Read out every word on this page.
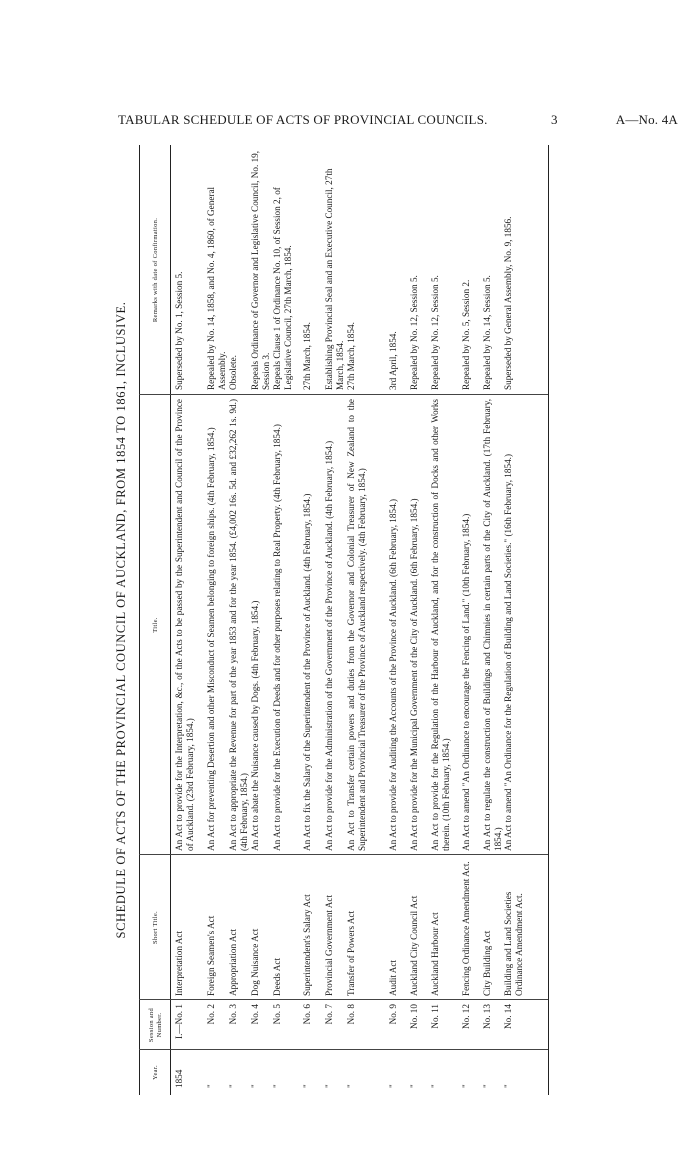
TABULAR SCHEDULE OF ACTS OF PROVINCIAL COUNCILS.	3	A—No. 4A
SCHEDULE OF ACTS OF THE PROVINCIAL COUNCIL OF AUCKLAND, FROM 1854 TO 1861, INCLUSIVE.
Year.
Session and Number.
Short Title.
Title.
Remarks with date of Confirmation.
1854
I.—No. 1
Interpretation Act
An Act to provide for the Interpretation, &c., of the Acts to be passed by the Superintendent and Council of the Province of Auckland. (23rd February, 1854.)
Superseded by No. 1, Session 5.
"
No. 2
Foreign Seamen's Act
An Act for preventing Desertion and other Misconduct of Seamen belonging to foreign ships. (4th February, 1854.)
Repealed by No. 14, 1858, and No. 4, 1860, of General Assembly.
"
No. 3
Appropriation Act
An Act to appropriate the Revenue for part of the year 1853 and for the year 1854. (£4,002 16s. 5d. and £32,262 1s. 9d.) (4th February, 1854.)
Obsolete.
"
No. 4
Dog Nuisance Act
An Act to abate the Nuisance caused by Dogs. (4th February, 1854.)
Repeals Ordinance of Governor and Legislative Council, No. 19, Session 3.
"
No. 5
Deeds Act
An Act to provide for the Execution of Deeds and for other purposes relating to Real Property. (4th February, 1854.)
Repeals Clause 1 of Ordinance No. 10, of Session 2, of Legislative Council, 27th March, 1854.
"
No. 6
Superintendent's Salary Act
An Act to fix the Salary of the Superintendent of the Province of Auckland. (4th February, 1854.)
27th March, 1854.
"
No. 7
Provincial Government Act
An Act to provide for the Administration of the Government of the Province of Auckland. (4th February, 1854.)
Establishing Provincial Seal and an Executive Council, 27th March, 1854.
"
No. 8
Transfer of Powers Act
An Act to Transfer certain powers and duties from the Governor and Colonial Treasurer of New Zealand to the Superintendent and Provincial Treasurer of the Province of Auckland respectively. (4th February, 1854.)
27th March, 1854.
"
No. 9
Audit Act
An Act to provide for Auditing the Accounts of the Province of Auckland. (6th February, 1854.)
3rd April, 1854.
"
No. 10
Auckland City Council Act
An Act to provide for the Municipal Government of the City of Auckland. (6th February, 1854.)
Repealed by No. 12, Session 5.
"
No. 11
Auckland Harbour Act
An Act to provide for the Regulation of the Harbour of Auckland, and for the construction of Docks and other Works therein. (10th February, 1854.)
Repealed by No. 12, Session 5.
"
No. 12
Fencing Ordinance Amendment Act.
An Act to amend "An Ordinance to encourage the Fencing of Land." (10th February, 1854.)
Repealed by No. 5, Session 2.
"
No. 13
City Building Act
An Act to regulate the construction of Buildings and Chimnies in certain parts of the City of Auckland. (17th February, 1854.)
Repealed by No. 14, Session 5.
"
No. 14
Building and Land Societies Ordinance Amendment Act.
An Act to amend "An Ordinance for the Regulation of Building and Land Societies." (16th February, 1854.)
Superseded by General Assembly, No. 9, 1856.
